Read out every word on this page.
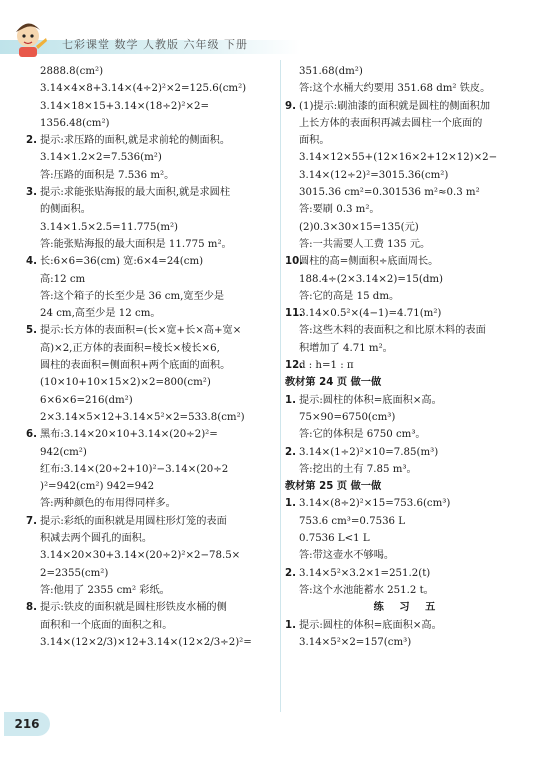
七彩课堂 数学 人教版 六年级 下册
2888.8(cm²)
3.14×4×8+3.14×(4÷2)²×2=125.6(cm²)
3.14×18×15+3.14×(18÷2)²×2=
1356.48(cm²)
2. 提示:求压路的面积,就是求前轮的侧面积。
3.14×1.2×2=7.536(m²)
答:压路的面积是 7.536 m²。
3. 提示:求能张贴海报的最大面积,就是求圆柱
的侧面积。
3.14×1.5×2.5=11.775(m²)
答:能张贴海报的最大面积是 11.775 m²。
4. 长:6×6=36(cm) 宽:6×4=24(cm)
高:12 cm
答:这个箱子的长至少是 36 cm,宽至少是
24 cm,高至少是 12 cm。
5. 提示:长方体的表面积=(长×宽+长×高+宽×
高)×2,正方体的表面积=棱长×棱长×6,
圆柱的表面积=侧面积+两个底面的面积。
(10×10+10×15×2)×2=800(cm²)
6×6×6=216(dm²)
2×3.14×5×12+3.14×5²×2=533.8(cm²)
6. 黑布:3.14×20×10+3.14×(20÷2)²=
942(cm²)
红布:3.14×(20÷2+10)²−3.14×(20÷2
)²=942(cm²) 942=942
答:两种颜色的布用得同样多。
7. 提示:彩纸的面积就是用圆柱形灯笼的表面
积减去两个圆孔的面积。
3.14×20×30+3.14×(20÷2)²×2−78.5×
2=2355(cm²)
答:他用了 2355 cm² 彩纸。
8. 提示:铁皮的面积就是圆柱形铁皮水桶的侧
面积和一个底面的面积之和。
3.14×(12×2/3)×12+3.14×(12×2/3÷2)²=
351.68(dm²)
答:这个水桶大约要用 351.68 dm² 铁皮。
9. (1)提示:刷油漆的面积就是圆柱的侧面积加
上长方体的表面积再减去圆柱一个底面的
面积。
3.14×12×55+(12×16×2+12×12)×2−
3.14×(12÷2)²=3015.36(cm²)
3015.36 cm²=0.301536 m²≈0.3 m²
答:要刷 0.3 m²。
(2)0.3×30×15=135(元)
答:一共需要人工费 135 元。
10.圆柱的高=侧面积÷底面周长。
188.4÷(2×3.14×2)=15(dm)
答:它的高是 15 dm。
11.3.14×0.5²×(4−1)=4.71(m²)
答:这些木料的表面积之和比原木料的表面
积增加了 4.71 m²。
12.d : h=1 : π
教材第 24 页 做一做
1. 提示:圆柱的体积=底面积×高。
75×90=6750(cm³)
答:它的体积是 6750 cm³。
2. 3.14×(1÷2)²×10=7.85(m³)
答:挖出的土有 7.85 m³。
教材第 25 页 做一做
1. 3.14×(8÷2)²×15=753.6(cm³)
753.6 cm³=0.7536 L
0.7536 L<1 L
答:带这壶水不够喝。
2. 3.14×5²×3.2×1=251.2(t)
答:这个水池能蓄水 251.2 t。
练 习 五
1. 提示:圆柱的体积=底面积×高。
3.14×5²×2=157(cm³)
216
